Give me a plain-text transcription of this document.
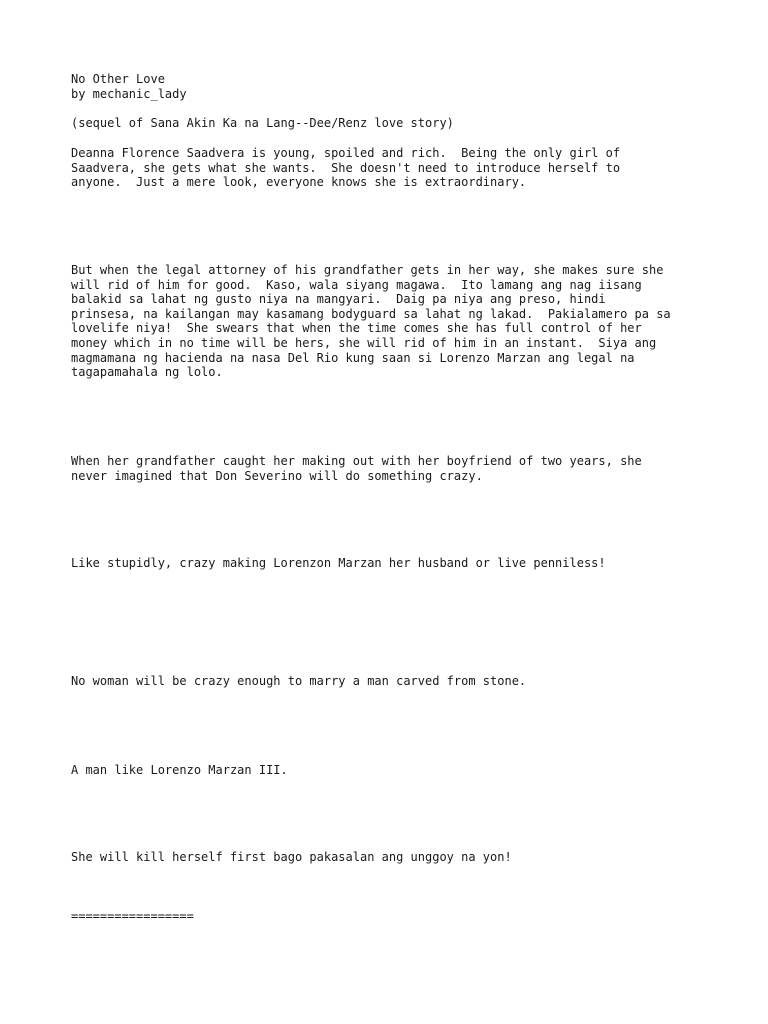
No Other Love

by mechanic_lady

(sequel of Sana Akin Ka na Lang--Dee/Renz love story)

Deanna Florence Saadvera is young, spoiled and rich.  Being the only girl of

Saadvera, she gets what she wants.  She doesn't need to introduce herself to

anyone.  Just a mere look, everyone knows she is extraordinary.

But when the legal attorney of his grandfather gets in her way, she makes sure she

will rid of him for good.  Kaso, wala siyang magawa.  Ito lamang ang nag iisang

balakid sa lahat ng gusto niya na mangyari.  Daig pa niya ang preso, hindi

prinsesa, na kailangan may kasamang bodyguard sa lahat ng lakad.  Pakialamero pa sa

lovelife niya!  She swears that when the time comes she has full control of her

money which in no time will be hers, she will rid of him in an instant.  Siya ang

magmamana ng hacienda na nasa Del Rio kung saan si Lorenzo Marzan ang legal na

tagapamahala ng lolo.

When her grandfather caught her making out with her boyfriend of two years, she

never imagined that Don Severino will do something crazy.

Like stupidly, crazy making Lorenzon Marzan her husband or live penniless!

No woman will be crazy enough to marry a man carved from stone.

A man like Lorenzo Marzan III.

She will kill herself first bago pakasalan ang unggoy na yon!

=================
